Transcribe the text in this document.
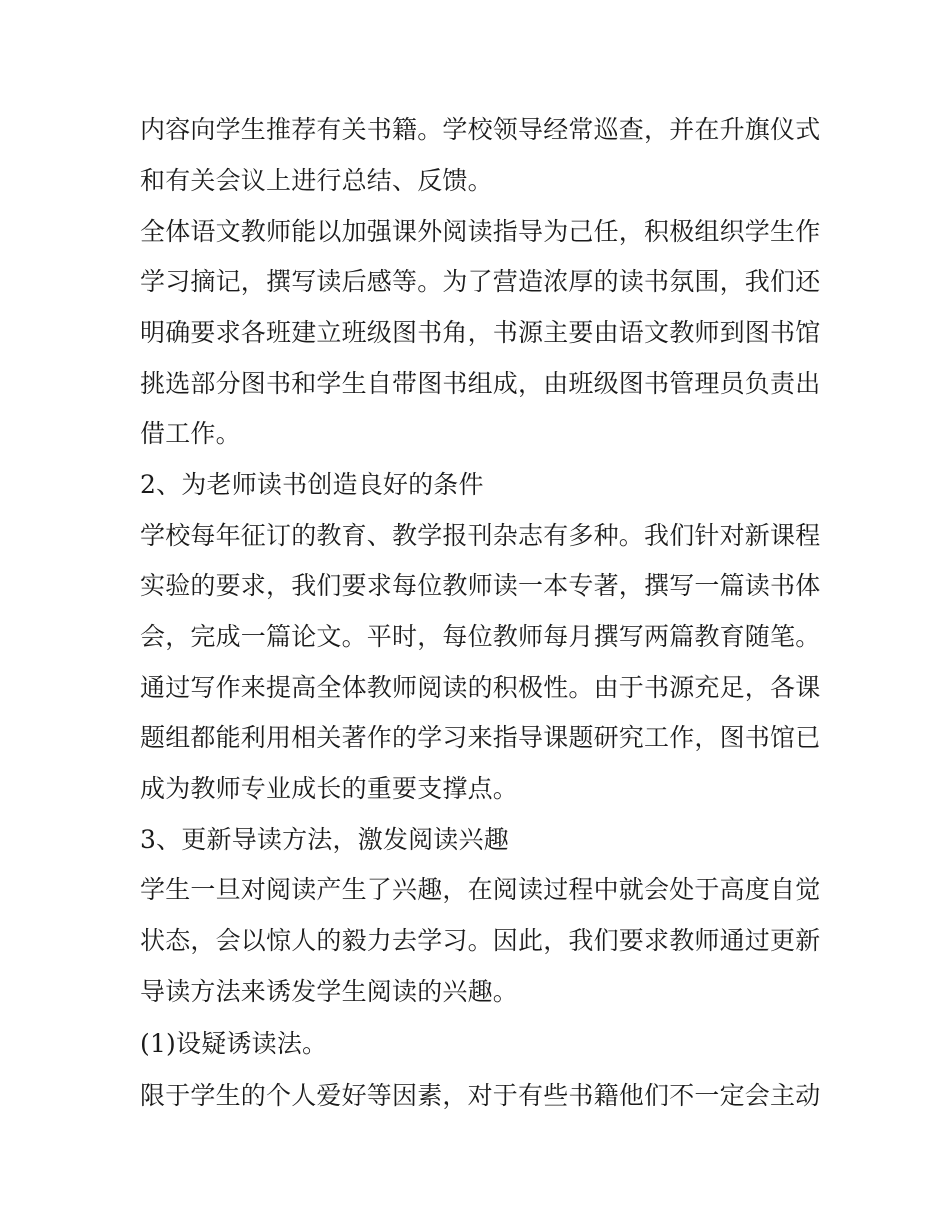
内容向学生推荐有关书籍。学校领导经常巡查，并在升旗仪式
和有关会议上进行总结、反馈。
全体语文教师能以加强课外阅读指导为己任，积极组织学生作
学习摘记，撰写读后感等。为了营造浓厚的读书氛围，我们还
明确要求各班建立班级图书角，书源主要由语文教师到图书馆
挑选部分图书和学生自带图书组成，由班级图书管理员负责出
借工作。
2、为老师读书创造良好的条件
学校每年征订的教育、教学报刊杂志有多种。我们针对新课程
实验的要求，我们要求每位教师读一本专著，撰写一篇读书体
会，完成一篇论文。平时，每位教师每月撰写两篇教育随笔。
通过写作来提高全体教师阅读的积极性。由于书源充足，各课
题组都能利用相关著作的学习来指导课题研究工作，图书馆已
成为教师专业成长的重要支撑点。
3、更新导读方法，激发阅读兴趣
学生一旦对阅读产生了兴趣，在阅读过程中就会处于高度自觉
状态，会以惊人的毅力去学习。因此，我们要求教师通过更新
导读方法来诱发学生阅读的兴趣。
(1)设疑诱读法。
限于学生的个人爱好等因素，对于有些书籍他们不一定会主动
